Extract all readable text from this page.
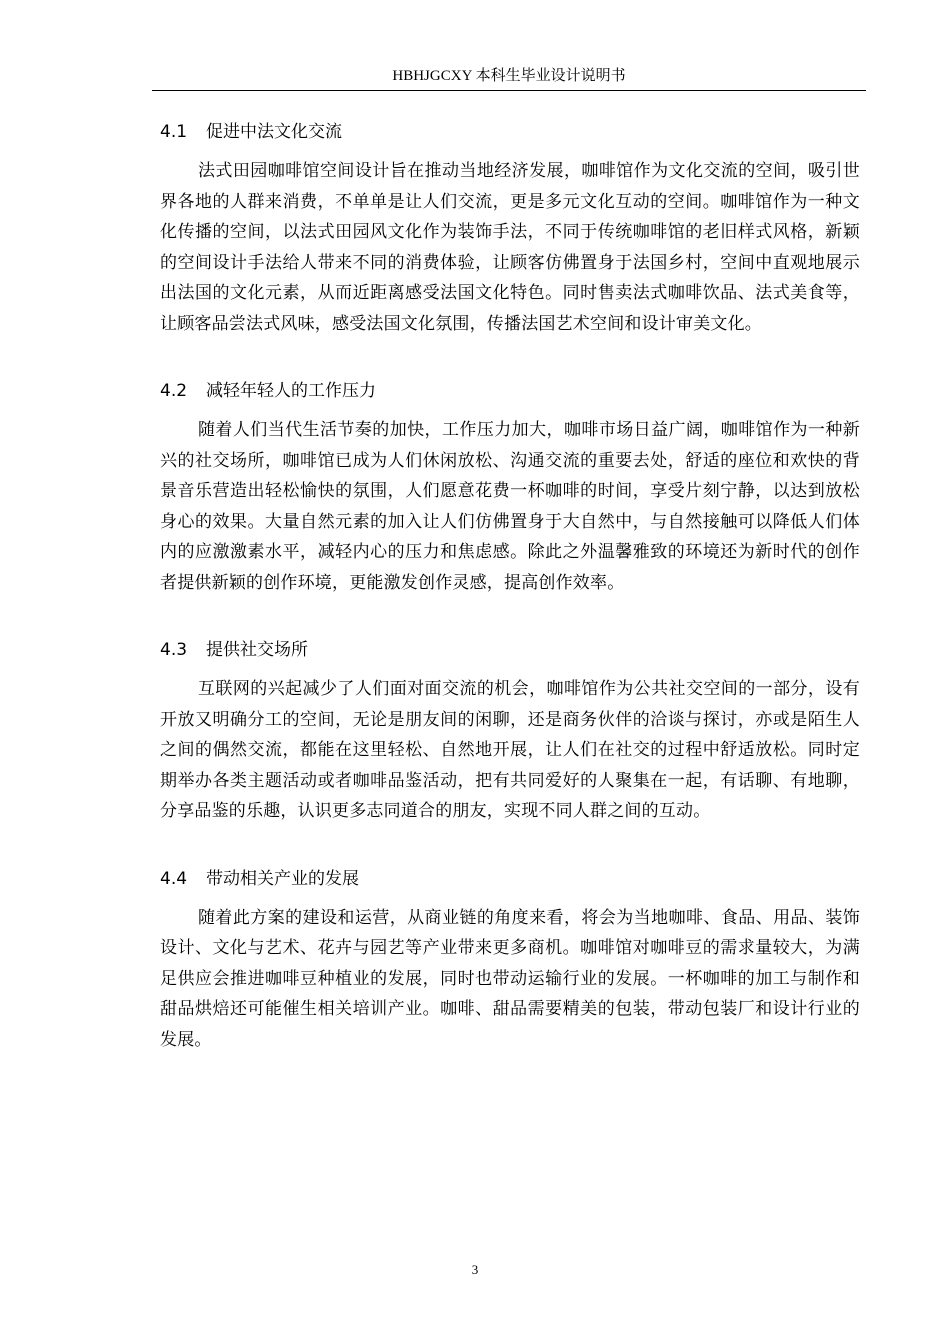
HBHJGCXY 本科生毕业设计说明书
4.1	促进中法文化交流

法式田园咖啡馆空间设计旨在推动当地经济发展，咖啡馆作为文化交流的空间，吸引世界各地的人群来消费，不单单是让人们交流，更是多元文化互动的空间。咖啡馆作为一种文化传播的空间，以法式田园风文化作为装饰手法，不同于传统咖啡馆的老旧样式风格，新颖的空间设计手法给人带来不同的消费体验，让顾客仿佛置身于法国乡村，空间中直观地展示出法国的文化元素，从而近距离感受法国文化特色。同时售卖法式咖啡饮品、法式美食等，让顾客品尝法式风味，感受法国文化氛围，传播法国艺术空间和设计审美文化。

4.2	减轻年轻人的工作压力

随着人们当代生活节奏的加快，工作压力加大，咖啡市场日益广阔，咖啡馆作为一种新兴的社交场所，咖啡馆已成为人们休闲放松、沟通交流的重要去处，舒适的座位和欢快的背景音乐营造出轻松愉快的氛围，人们愿意花费一杯咖啡的时间，享受片刻宁静，以达到放松身心的效果。大量自然元素的加入让人们仿佛置身于大自然中，与自然接触可以降低人们体内的应激激素水平，减轻内心的压力和焦虑感。除此之外温馨雅致的环境还为新时代的创作者提供新颖的创作环境，更能激发创作灵感，提高创作效率。

4.3	提供社交场所

互联网的兴起减少了人们面对面交流的机会，咖啡馆作为公共社交空间的一部分，设有开放又明确分工的空间，无论是朋友间的闲聊，还是商务伙伴的洽谈与探讨，亦或是陌生人之间的偶然交流，都能在这里轻松、自然地开展，让人们在社交的过程中舒适放松。同时定期举办各类主题活动或者咖啡品鉴活动，把有共同爱好的人聚集在一起，有话聊、有地聊，分享品鉴的乐趣，认识更多志同道合的朋友，实现不同人群之间的互动。

4.4	带动相关产业的发展

随着此方案的建设和运营，从商业链的角度来看，将会为当地咖啡、食品、用品、装饰设计、文化与艺术、花卉与园艺等产业带来更多商机。咖啡馆对咖啡豆的需求量较大，为满足供应会推进咖啡豆种植业的发展，同时也带动运输行业的发展。一杯咖啡的加工与制作和甜品烘焙还可能催生相关培训产业。咖啡、甜品需要精美的包装，带动包装厂和设计行业的发展。

3
